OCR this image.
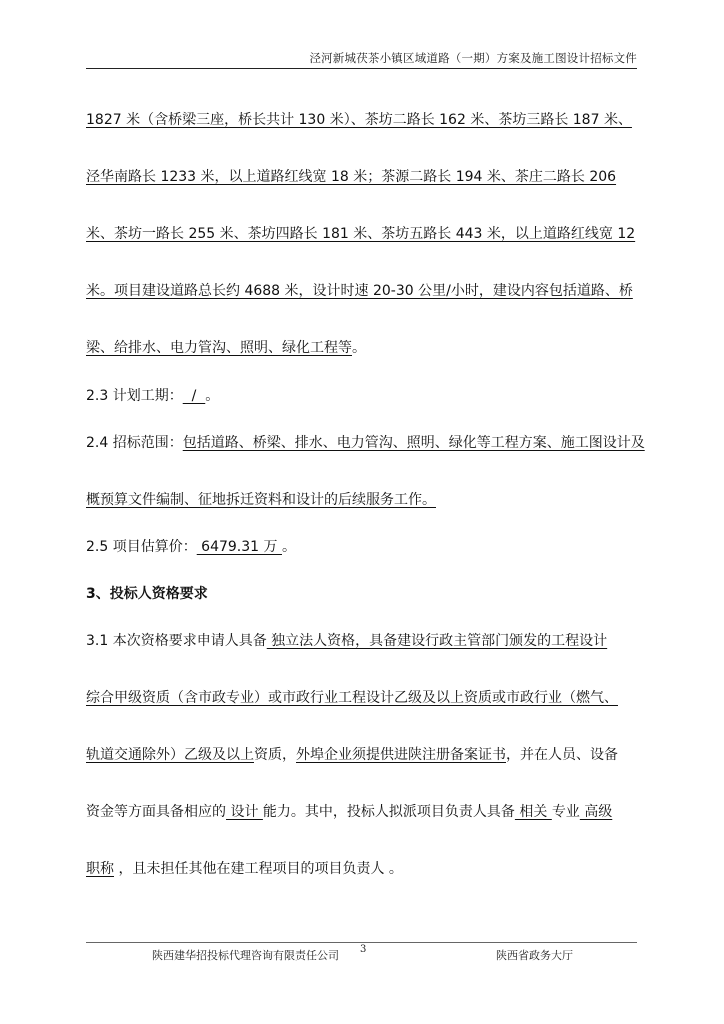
泾河新城茯茶小镇区域道路（一期）方案及施工图设计招标文件
1827 米（含桥梁三座，桥长共计 130 米）、茶坊二路长 162 米、茶坊三路长 187 米、
泾华南路长 1233 米，以上道路红线宽 18 米；茶源二路长 194 米、茶庄二路长 206
米、茶坊一路长 255 米、茶坊四路长 181 米、茶坊五路长 443 米，以上道路红线宽 12
米。项目建设道路总长约 4688 米，设计时速 20-30 公里/小时，建设内容包括道路、桥
梁、给排水、电力管沟、照明、绿化工程等。
2.3 计划工期：  /  。
2.4 招标范围：包括道路、桥梁、排水、电力管沟、照明、绿化等工程方案、施工图设计及
概预算文件编制、征地拆迁资料和设计的后续服务工作。
2.5 项目估算价： 6479.31 万 。
3、投标人资格要求
3.1 本次资格要求申请人具备 独立法人资格，具备建设行政主管部门颁发的工程设计
综合甲级资质（含市政专业）或市政行业工程设计乙级及以上资质或市政行业（燃气、
轨道交通除外）乙级及以上资质，外埠企业须提供进陕注册备案证书，并在人员、设备
资金等方面具备相应的 设计 能力。其中，投标人拟派项目负责人具备 相关 专业 高级
职称 ，且未担任其他在建工程项目的项目负责人 。
陕西建华招投标代理咨询有限责任公司 3	陕西省政务大厅
